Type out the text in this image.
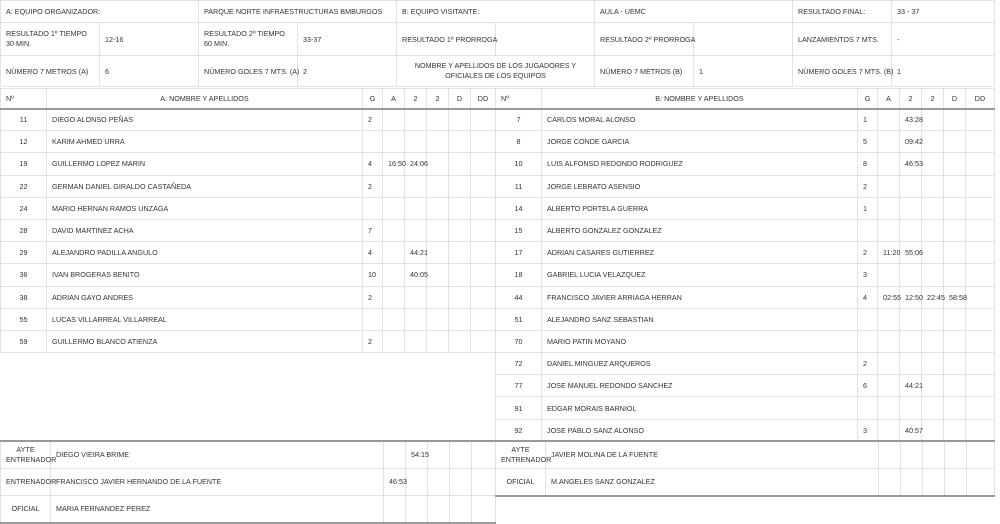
A: EQUIPO ORGANIZADOR:		PARQUE NORTE INFRAESTRUCTURAS BMBURGOS		B: EQUIPO VISITANTE:		AULA - UEMC		RESULTADO FINAL:	33 - 37
RESULTADO 1º TIEMPO 30 MIN.	12-16	RESULTADO 2º TIEMPO 60 MIN.	33-37	RESULTADO 1º PRORROGA		RESULTADO 2º PRORROGA		LANZAMIENTOS 7 MTS.	-
NÚMERO 7 METROS (A)	6	NÚMERO GOLES 7 MTS. (A)	2	NOMBRE Y APELLIDOS DE LOS JUGADORES Y OFICIALES DE LOS EQUIPOS		NÚMERO 7 METROS (B)	1	NÚMERO GOLES 7 MTS. (B)	1
Nº	A: NOMBRE Y APELLIDOS	G	A	2	2	D	DD
11	DIEGO ALONSO PEÑAS	2					
12	KARIM AHMED URRA						
19	GUILLERMO LOPEZ MARIN	4	16:50	24:06			
22	GERMAN DANIEL GIRALDO CASTAÑEDA	2					
24	MARIO HERNAN RAMOS UNZAGA						
28	DAVID MARTINEZ ACHA	7					
29	ALEJANDRO PADILLA ANGULO	4		44:21			
36	IVAN BROGERAS BENITO	10		40:05			
38	ADRIAN GAYO ANDRES	2					
55	LUCAS VILLARREAL VILLARREAL						
59	GUILLERMO BLANCO ATIENZA	2					
Nº	B: NOMBRE Y APELLIDOS	G	A	2	2	D	DD
7	CARLOS MORAL ALONSO	1		43:28			
8	JORGE CONDE GARCIA	5		09:42			
10	LUIS ALFONSO REDONDO RODRIGUEZ	8		46:53			
11	JORGE LEBRATO ASENSIO	2					
14	ALBERTO PORTELA GUERRA	1					
15	ALBERTO GONZALEZ GONZALEZ						
17	ADRIAN CASARES GUTIERREZ	2	11:20	55:06			
18	GABRIEL LUCIA VELAZQUEZ	3					
44	FRANCISCO JAVIER ARRIAGA HERRAN	4	02:55	12:50	22:45	58:58	
51	ALEJANDRO SANZ SEBASTIAN						
70	MARIO PATIN MOYANO						
72	DANIEL MINGUEZ ARQUEROS	2					
77	JOSE MANUEL REDONDO SANCHEZ	6		44:21			
91	EDGAR MORAIS BARNIOL						
92	JOSE PABLO SANZ ALONSO	3		40:57			
AYTE ENTRENADOR	DIEGO VIEIRA BRIME		54:15			
ENTRENADOR	FRANCISCO JAVIER HERNANDO DE LA FUENTE	46:53				
OFICIAL	MARIA FERNANDEZ PEREZ					
AYTE ENTRENADOR	JAVIER MOLINA DE LA FUENTE					
OFICIAL	M.ANGELES SANZ GONZALEZ					
